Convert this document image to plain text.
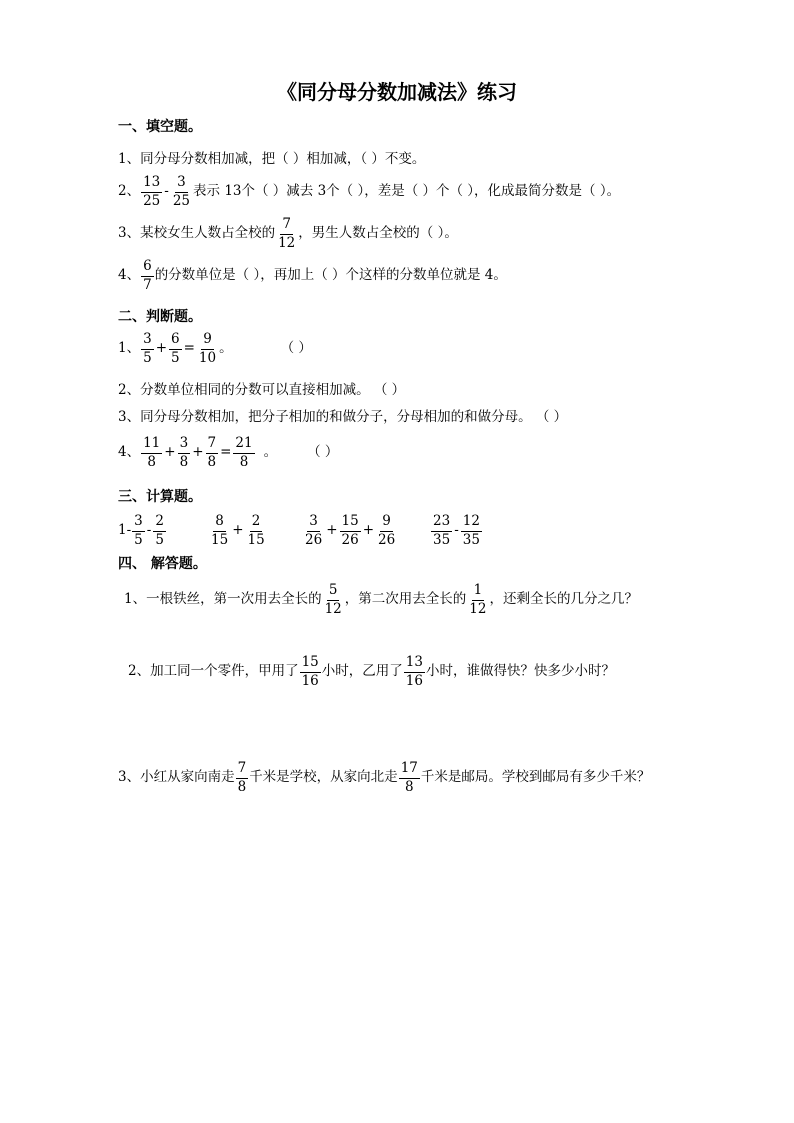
《同分母分数加减法》练习
一、填空题。
1、同分母分数相加减，把（ ）相加减，（ ）不变。
2、 $\frac{13}{25} - \frac{3}{25}$ 表示 13个（ ）减去 3个（ ），差是（ ）个（ ），化成最简分数是（ ）。
3、某校女生人数占全校的 $\frac{7}{12}$ ，男生人数占全校的（ ）。
4、 $\frac{6}{7}$ 的分数单位是（ ），再加上（ ）个这样的分数单位就是 4。
二、判断题。
1、 $\frac{3}{5} + \frac{6}{5} = \frac{9}{10}$ 。	（ ）
2、分数单位相同的分数可以直接相加减。 （ ）
3、同分母分数相加，把分子相加的和做分子，分母相加的和做分母。 （ ）
4、 $\frac{11}{8} + \frac{3}{8} + \frac{7}{8} = \frac{21}{8}$ 。 （ ）
三、计算题。
$1- \frac{3}{5} - \frac{2}{5}$	$\frac{8}{15} + \frac{2}{15}$	$\frac{3}{26} + \frac{15}{26} + \frac{9}{26}$	$\frac{23}{35} - \frac{12}{35}$
四、 解答题。
1、一根铁丝，第一次用去全长的 $\frac{5}{12}$ ，第二次用去全长的 $\frac{1}{12}$ ，还剩全长的几分之几？
2、加工同一个零件，甲用了 $\frac{15}{16}$ 小时，乙用了 $\frac{13}{16}$ 小时，谁做得快？快多少小时？
3、小红从家向南走 $\frac{7}{8}$ 千米是学校，从家向北走 $\frac{17}{8}$ 千米是邮局。学校到邮局有多少千米？
